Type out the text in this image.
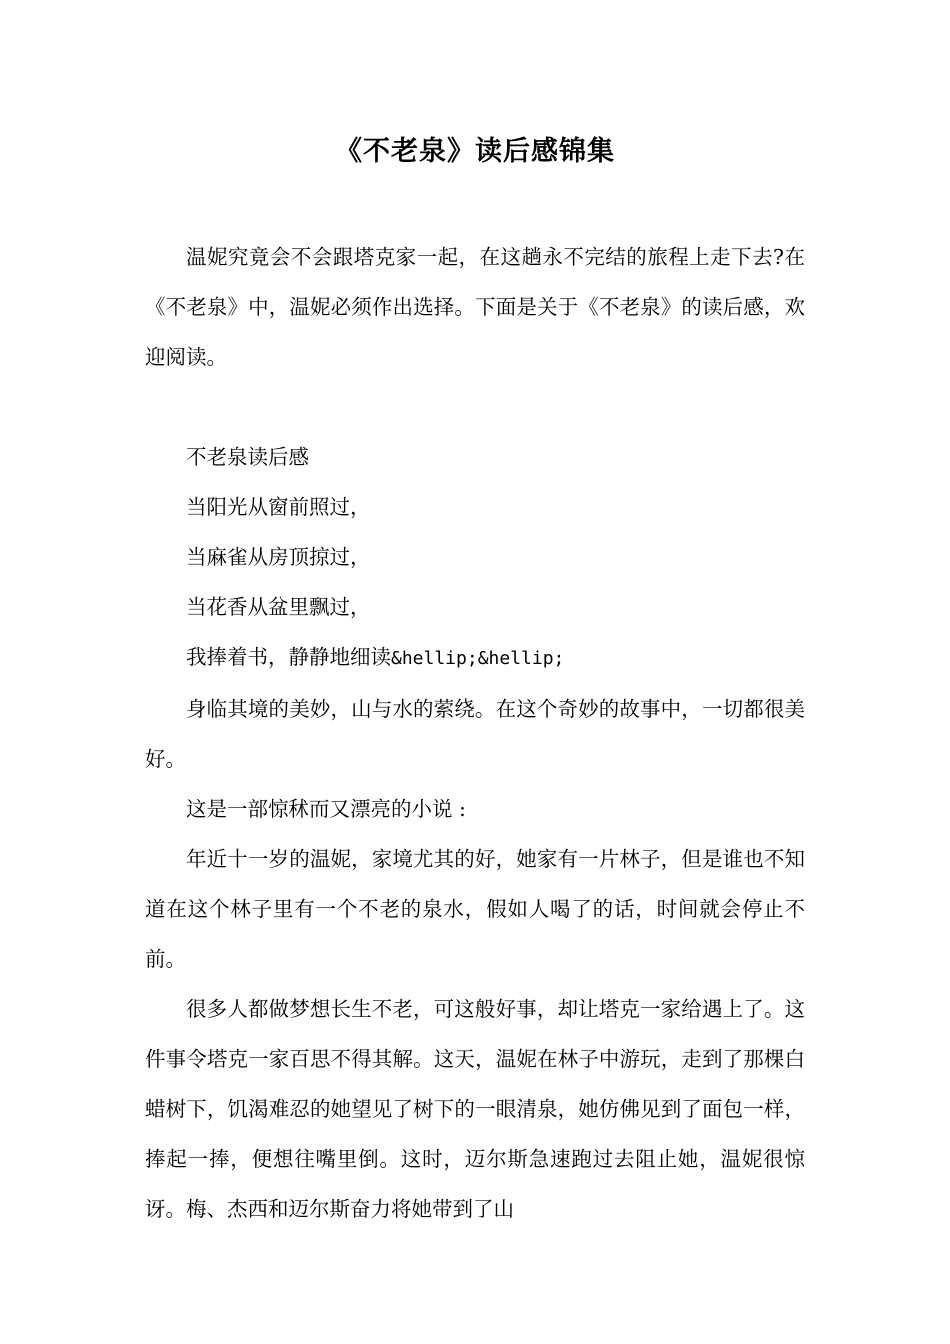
《不老泉》读后感锦集

温妮究竟会不会跟塔克家一起，在这趟永不完结的旅程上走下去?在《不老泉》中，温妮必须作出选择。下面是关于《不老泉》的读后感，欢迎阅读。

不老泉读后感

当阳光从窗前照过，

当麻雀从房顶掠过，

当花香从盆里飘过，

我捧着书，静静地细读&hellip;&hellip;

身临其境的美妙，山与水的萦绕。在这个奇妙的故事中，一切都很美好。

这是一部惊秫而又漂亮的小说 :

年近十一岁的温妮，家境尤其的好，她家有一片林子，但是谁也不知道在这个林子里有一个不老的泉水，假如人喝了的话，时间就会停止不前。

很多人都做梦想长生不老，可这般好事，却让塔克一家给遇上了。这件事令塔克一家百思不得其解。这天，温妮在林子中游玩，走到了那棵白蜡树下，饥渴难忍的她望见了树下的一眼清泉，她仿佛见到了面包一样，捧起一捧，便想往嘴里倒。这时，迈尔斯急速跑过去阻止她，温妮很惊讶。梅、杰西和迈尔斯奋力将她带到了山
